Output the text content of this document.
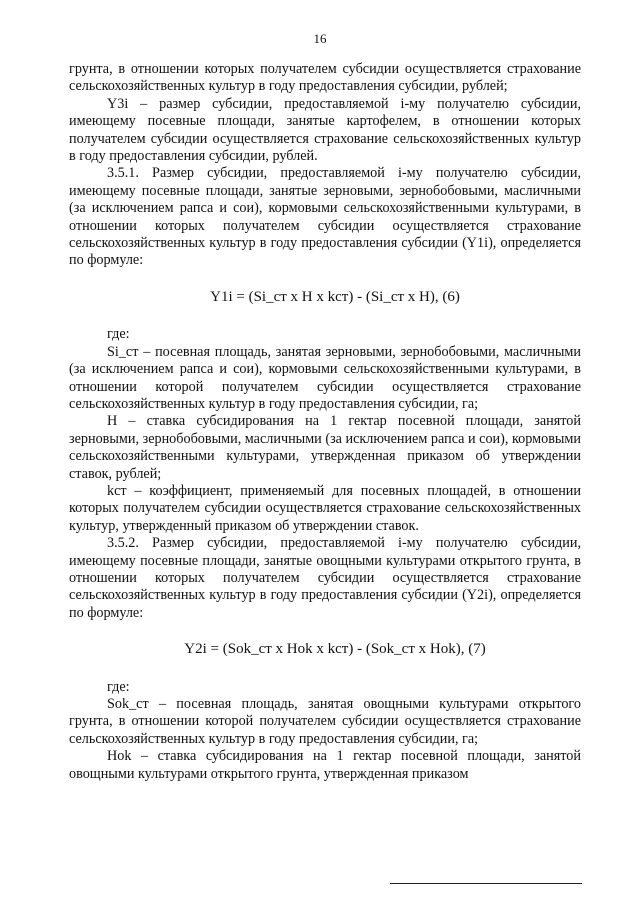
16

грунта, в отношении которых получателем субсидии осуществляется страхование сельскохозяйственных культур в году предоставления субсидии, рублей;

Y3i – размер субсидии, предоставляемой i-му получателю субсидии, имеющему посевные площади, занятые картофелем, в отношении которых получателем субсидии осуществляется страхование сельскохозяйственных культур в году предоставления субсидии, рублей.

3.5.1. Размер субсидии, предоставляемой i-му получателю субсидии, имеющему посевные площади, занятые зерновыми, зернобобовыми, масличными (за исключением рапса и сои), кормовыми сельскохозяйственными культурами, в отношении которых получателем субсидии осуществляется страхование сельскохозяйственных культур в году предоставления субсидии (Y1i), определяется по формуле:

Y1i = (Si_ст х H х kст) - (Si_ст х H), (6)

где:

Si_ст – посевная площадь, занятая зерновыми, зернобобовыми, масличными (за исключением рапса и сои), кормовыми сельскохозяйственными культурами, в отношении которой получателем субсидии осуществляется страхование сельскохозяйственных культур в году предоставления субсидии, га;

H – ставка субсидирования на 1 гектар посевной площади, занятой зерновыми, зернобобовыми, масличными (за исключением рапса и сои), кормовыми сельскохозяйственными культурами, утвержденная приказом об утверждении ставок, рублей;

kст – коэффициент, применяемый для посевных площадей, в отношении которых получателем субсидии осуществляется страхование сельскохозяйственных культур, утвержденный приказом об утверждении ставок.

3.5.2. Размер субсидии, предоставляемой i-му получателю субсидии, имеющему посевные площади, занятые овощными культурами открытого грунта, в отношении которых получателем субсидии осуществляется страхование сельскохозяйственных культур в году предоставления субсидии (Y2i), определяется по формуле:

Y2i = (Sok_ст х Hok х kст) - (Sok_ст х Hok), (7)

где:

Sok_ст – посевная площадь, занятая овощными культурами открытого грунта, в отношении которой получателем субсидии осуществляется страхование сельскохозяйственных культур в году предоставления субсидии, га;

Hok – ставка субсидирования на 1 гектар посевной площади, занятой овощными культурами открытого грунта, утвержденная приказом
